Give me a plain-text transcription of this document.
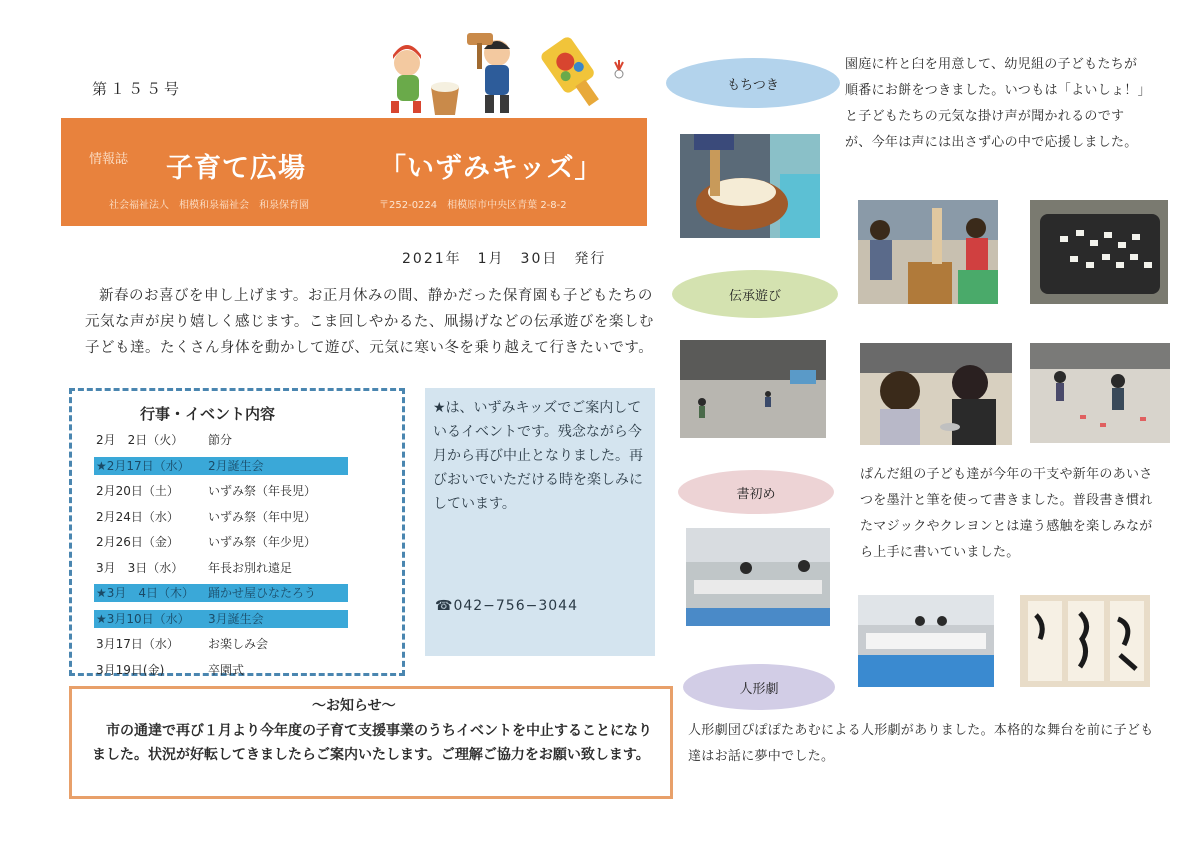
第１５５号
情報誌 子育て広場	「いずみキッズ」
社会福祉法人　相模和泉福祉会　和泉保育園	〒252-0224　相模原市中央区青葉 2-8-2
2021年　1月　30日　発行
新春のお喜びを申し上げます。お正月休みの間、静かだった保育園も子どもたちの元気な声が戻り嬉しく感じます。こま回しやかるた、凧揚げなどの伝承遊びを楽しむ子ども達。たくさん身体を動かして遊び、元気に寒い冬を乗り越えて行きたいです。
行事・イベント内容
2月　2日（火） 節分
★2月17日（水） 2月誕生会
2月20日（土） いずみ祭（年長児）
2月24日（水） いずみ祭（年中児）
2月26日（金） いずみ祭（年少児）
3月　3日（水） 年長お別れ遠足
★3月　4日（木） 踊かせ屋ひなたろう
★3月10日（水） 3月誕生会
3月17日（水） お楽しみ会
3月19日(金)	卒園式
★は、いずみキッズでご案内しているイベントです。残念ながら今月から再び中止となりました。再びおいでいただける時を楽しみにしています。
☎042−756−3044
～お知らせ～
市の通達で再び１月より今年度の子育て支援事業のうちイベントを中止することになりました。状況が好転してきましたらご案内いたします。ご理解ご協力をお願い致します。
もちつき
伝承遊び
書初め
人形劇
園庭に杵と臼を用意して、幼児組の子どもたちが順番にお餅をつきました。いつもは「よいしょ！」と子どもたちの元気な掛け声が聞かれるのですが、今年は声には出さず心の中で応援しました。
ぱんだ組の子ども達が今年の干支や新年のあいさつを墨汁と筆を使って書きました。普段書き慣れたマジックやクレヨンとは違う感触を楽しみながら上手に書いていました。
人形劇団ぴぽぽたあむによる人形劇がありました。本格的な舞台を前に子ども達はお話に夢中でした。
